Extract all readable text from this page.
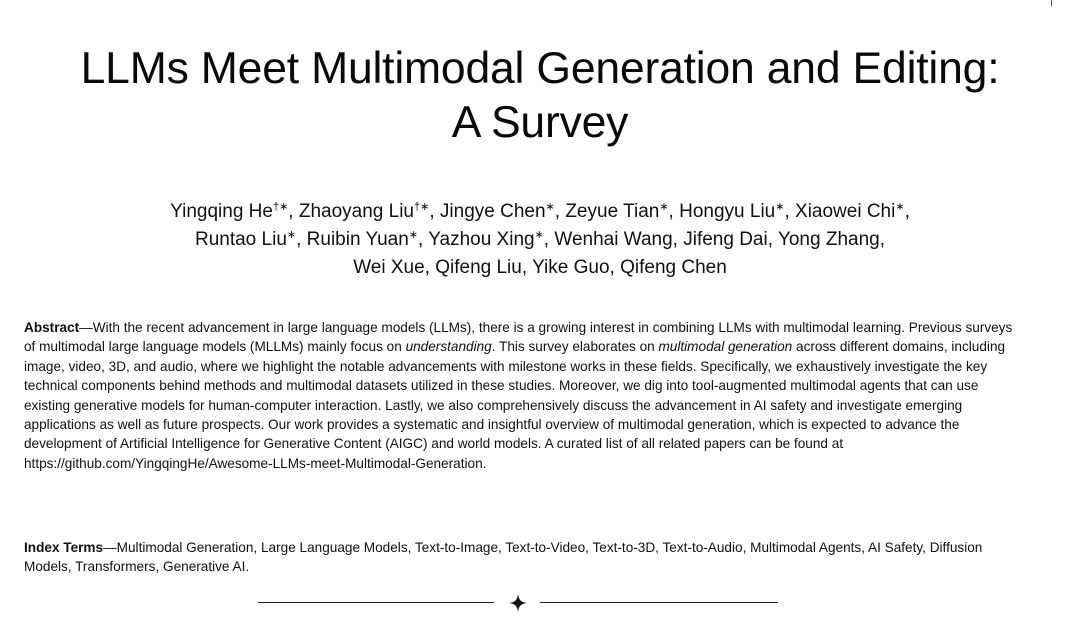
LLMs Meet Multimodal Generation and Editing:
A Survey
Yingqing He†∗, Zhaoyang Liu†∗, Jingye Chen∗, Zeyue Tian∗, Hongyu Liu∗, Xiaowei Chi∗,
Runtao Liu∗, Ruibin Yuan∗, Yazhou Xing∗, Wenhai Wang, Jifeng Dai, Yong Zhang,
Wei Xue, Qifeng Liu, Yike Guo, Qifeng Chen

Abstract—With the recent advancement in large language models (LLMs), there is a growing interest in combining LLMs with multimodal learning. Previous surveys of multimodal large language models (MLLMs) mainly focus on understanding. This survey elaborates on multimodal generation across different domains, including image, video, 3D, and audio, where we highlight the notable advancements with milestone works in these fields. Specifically, we exhaustively investigate the key technical components behind methods and multimodal datasets utilized in these studies. Moreover, we dig into tool-augmented multimodal agents that can use existing generative models for human-computer interaction. Lastly, we also comprehensively discuss the advancement in AI safety and investigate emerging applications as well as future prospects. Our work provides a systematic and insightful overview of multimodal generation, which is expected to advance the development of Artificial Intelligence for Generative Content (AIGC) and world models. A curated list of all related papers can be found at https://github.com/YingqingHe/Awesome-LLMs-meet-Multimodal-Generation.

Index Terms—Multimodal Generation, Large Language Models, Text-to-Image, Text-to-Video, Text-to-3D, Text-to-Audio, Multimodal Agents, AI Safety, Diffusion Models, Transformers, Generative AI.
